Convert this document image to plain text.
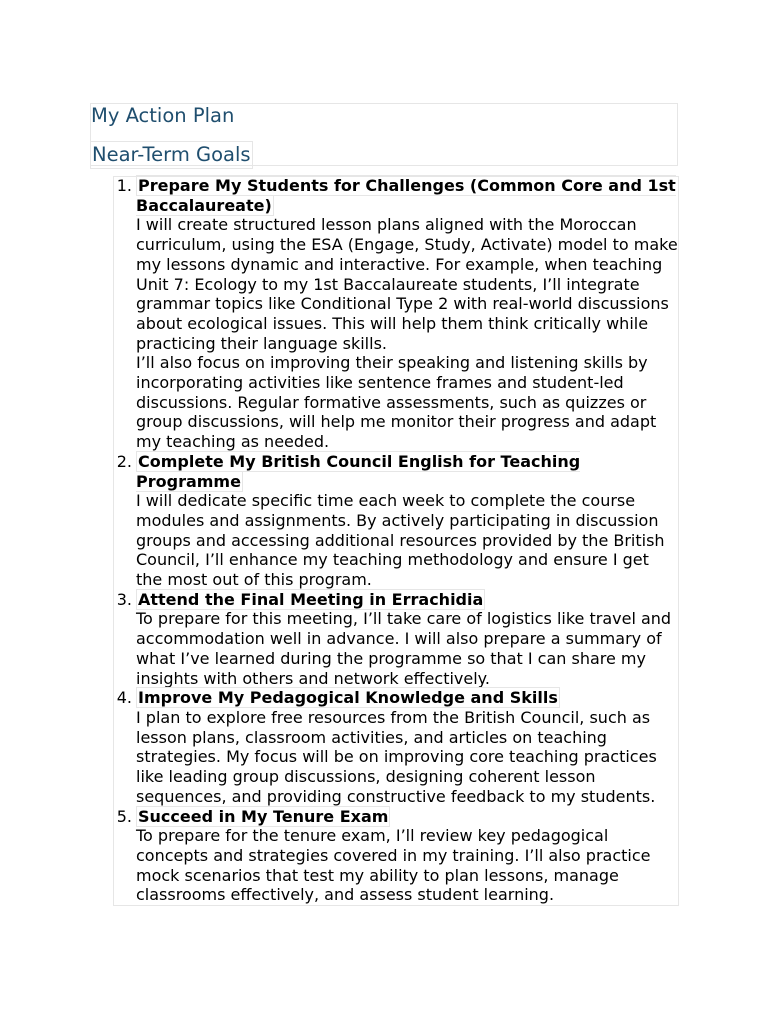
My Action Plan
Near-Term Goals
1. Prepare My Students for Challenges (Common Core and 1st Baccalaureate)
I will create structured lesson plans aligned with the Moroccan curriculum, using the ESA (Engage, Study, Activate) model to make my lessons dynamic and interactive. For example, when teaching Unit 7: Ecology to my 1st Baccalaureate students, I’ll integrate grammar topics like Conditional Type 2 with real-world discussions about ecological issues. This will help them think critically while practicing their language skills.
I’ll also focus on improving their speaking and listening skills by incorporating activities like sentence frames and student-led discussions. Regular formative assessments, such as quizzes or group discussions, will help me monitor their progress and adapt my teaching as needed.
2. Complete My British Council English for Teaching Programme
I will dedicate specific time each week to complete the course modules and assignments. By actively participating in discussion groups and accessing additional resources provided by the British Council, I’ll enhance my teaching methodology and ensure I get the most out of this program.
3. Attend the Final Meeting in Errachidia
To prepare for this meeting, I’ll take care of logistics like travel and accommodation well in advance. I will also prepare a summary of what I’ve learned during the programme so that I can share my insights with others and network effectively.
4. Improve My Pedagogical Knowledge and Skills
I plan to explore free resources from the British Council, such as lesson plans, classroom activities, and articles on teaching strategies. My focus will be on improving core teaching practices like leading group discussions, designing coherent lesson sequences, and providing constructive feedback to my students.
5. Succeed in My Tenure Exam
To prepare for the tenure exam, I’ll review key pedagogical concepts and strategies covered in my training. I’ll also practice mock scenarios that test my ability to plan lessons, manage classrooms effectively, and assess student learning.
